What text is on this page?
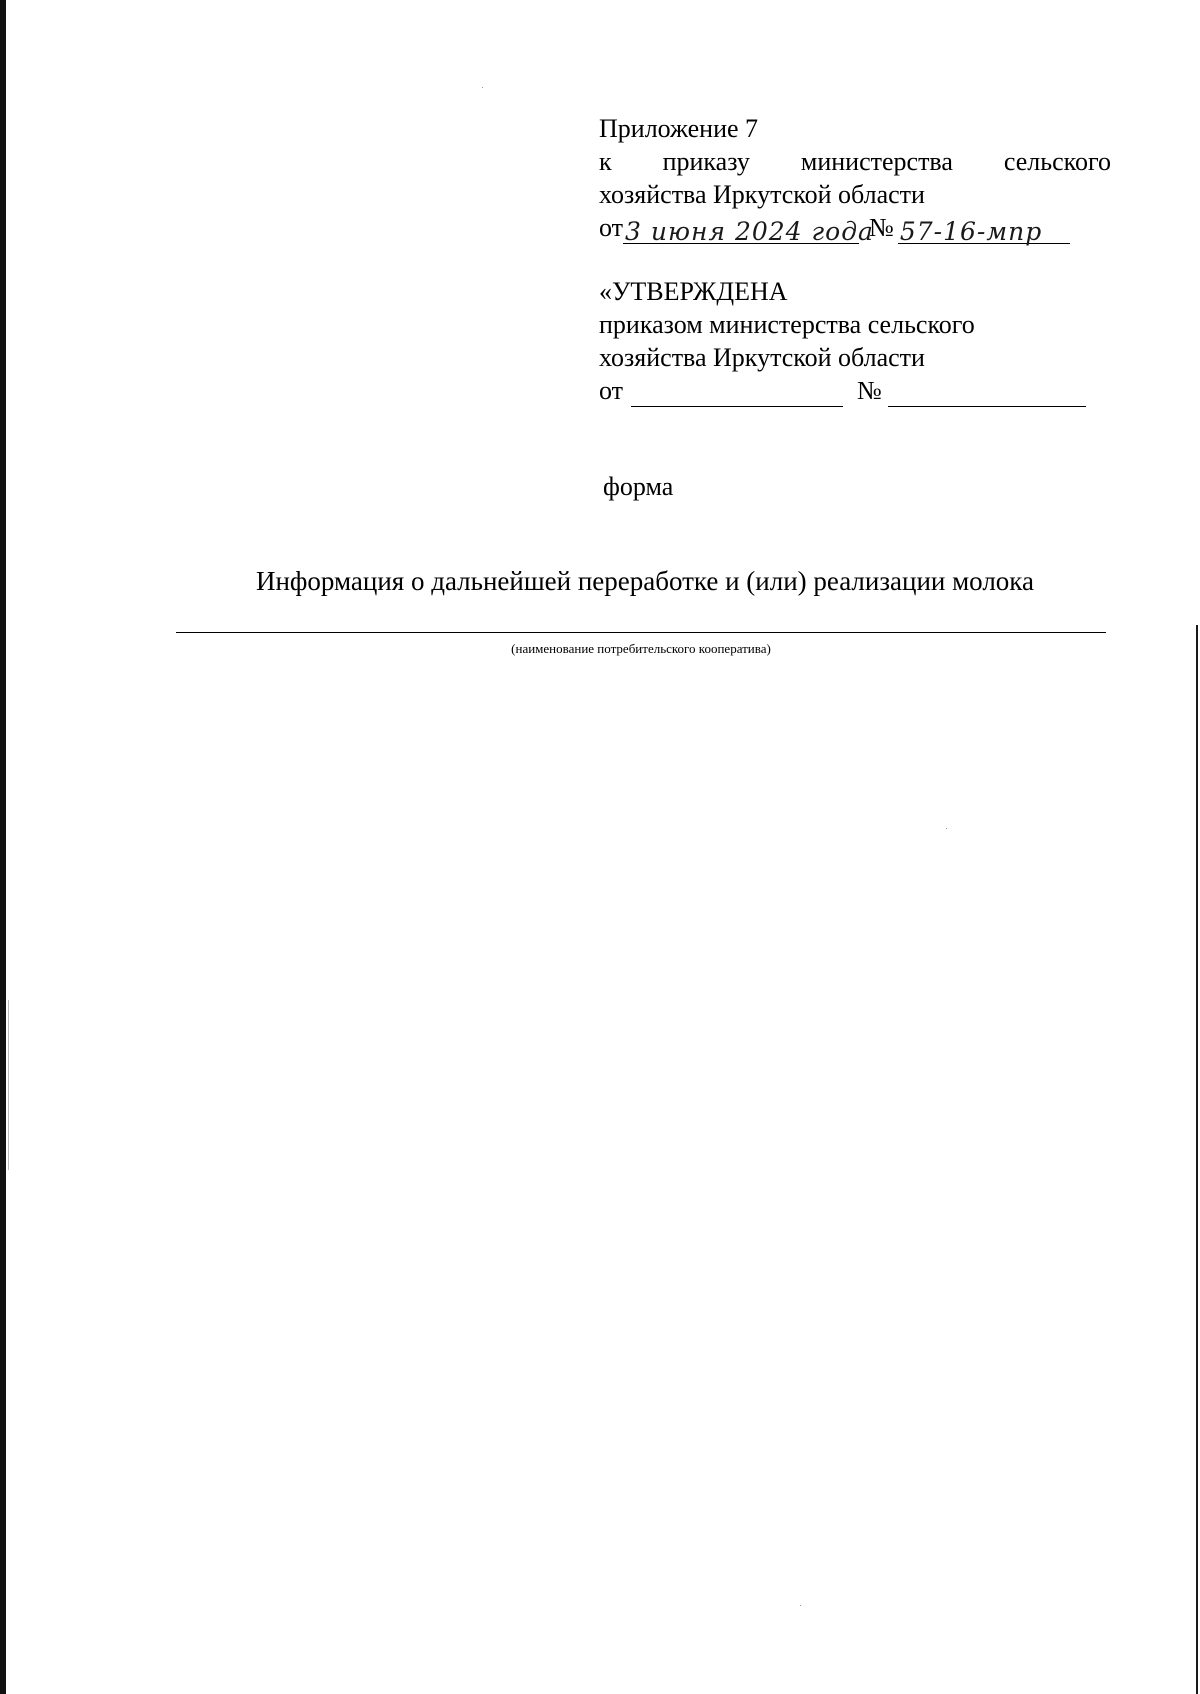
Приложение 7
к приказу министерства сельского
хозяйства Иркутской области
от 3 июня 2024 года
№ 57-16-мпр
«УТВЕРЖДЕНА
приказом министерства сельского
хозяйства Иркутской области
от	№
форма
Информация о дальнейшей переработке и (или) реализации молока
(наименование потребительского кооператива)
